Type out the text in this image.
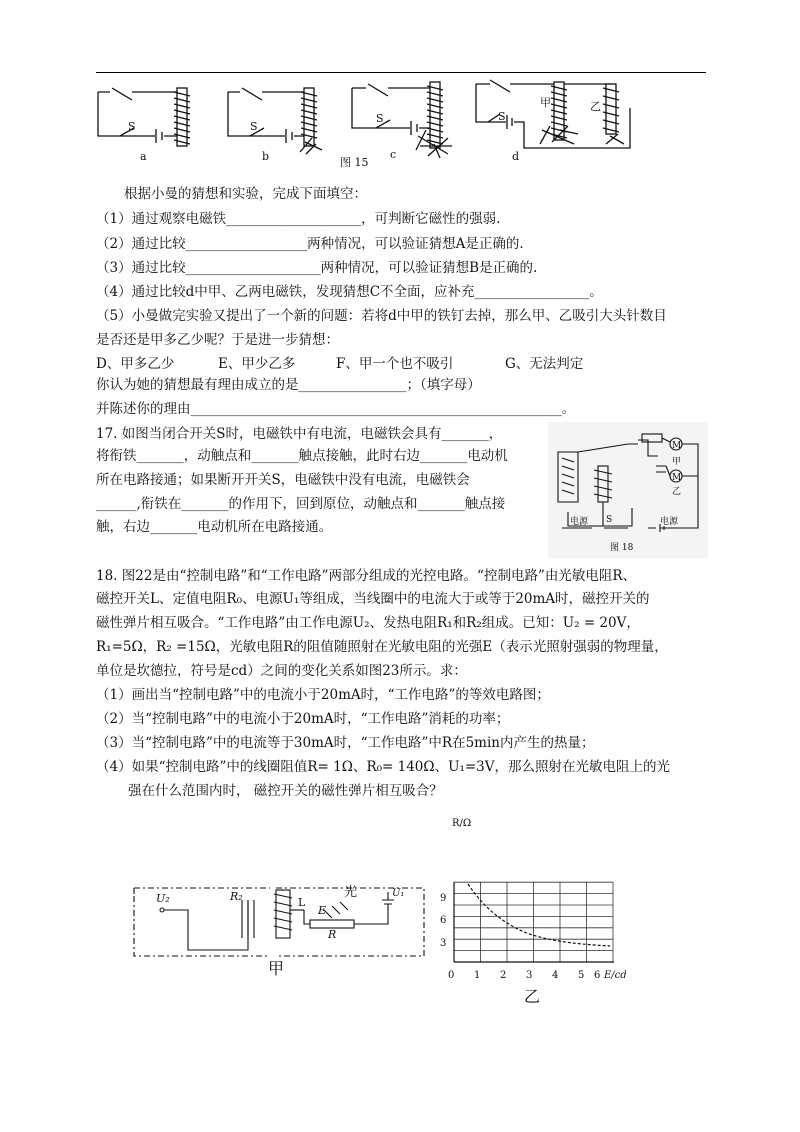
S	S
S	S
甲	乙
a	b	c	d
图 15
根据小曼的猜想和实验，完成下面填空：
（1）通过观察电磁铁____________________，可判断它磁性的强弱.
（2）通过比较__________________两种情况，可以验证猜想A是正确的.
（3）通过比较____________________两种情况，可以验证猜想B是正确的.
（4）通过比较d中甲、乙两电磁铁，发现猜想C不全面，应补充_________________。
（5）小曼做完实验又提出了一个新的问题：若将d中甲的铁钉去掉，那么甲、乙吸引大头针数目
是否还是甲多乙少呢？于是进一步猜想：
D、甲多乙少	E、甲少乙多	F、甲一个也不吸引	G、无法判定
你认为她的猜想最有理由成立的是________________；（填字母）
并陈述你的理由_______________________________________________________。
17. 如图当闭合开关S时，电磁铁中有电流，电磁铁会具有_______，
将衔铁_______，动触点和_______触点接触，此时右边_______电动机
所在电路接通；如果断开开关S，电磁铁中没有电流，电磁铁会
______,衔铁在_______的作用下，回到原位，动触点和_______触点接
触，右边_______电动机所在电路接通。
M
M
甲
乙
电源 S	电源
图 18
18. 图22是由“控制电路”和“工作电路”两部分组成的光控电路。“控制电路”由光敏电阻R、
磁控开关L、定值电阻R₀、电源U₁等组成，当线圈中的电流大于或等于20mA时，磁控开关的
磁性弹片相互吸合。“工作电路”由工作电源U₂、发热电阻R₁和R₂组成。已知：U₂ = 20V，
R₁=5Ω，R₂ =15Ω，光敏电阻R的阻值随照射在光敏电阻的光强E（表示光照射强弱的物理量，
单位是坎德拉，符号是cd）之间的变化关系如图23所示。求：
（1）画出当“控制电路”中的电流小于20mA时，“工作电路”的等效电路图；
（2）当“控制电路”中的电流小于20mA时，“工作电路”消耗的功率；
（3）当“控制电路”中的电流等于30mA时，“工作电路”中R在5min内产生的热量；
（4）如果“控制电路”中的线圈阻值R= 1Ω、R₀= 140Ω、U₁=3V，那么照射在光敏电阻上的光
强在什么范围内时， 磁控开关的磁性弹片相互吸合？
U₂	R₂	L
光
E
R
U₁
甲
R/Ω
9
6
3
0 1 2 3 4 5 6 E/cd
乙
